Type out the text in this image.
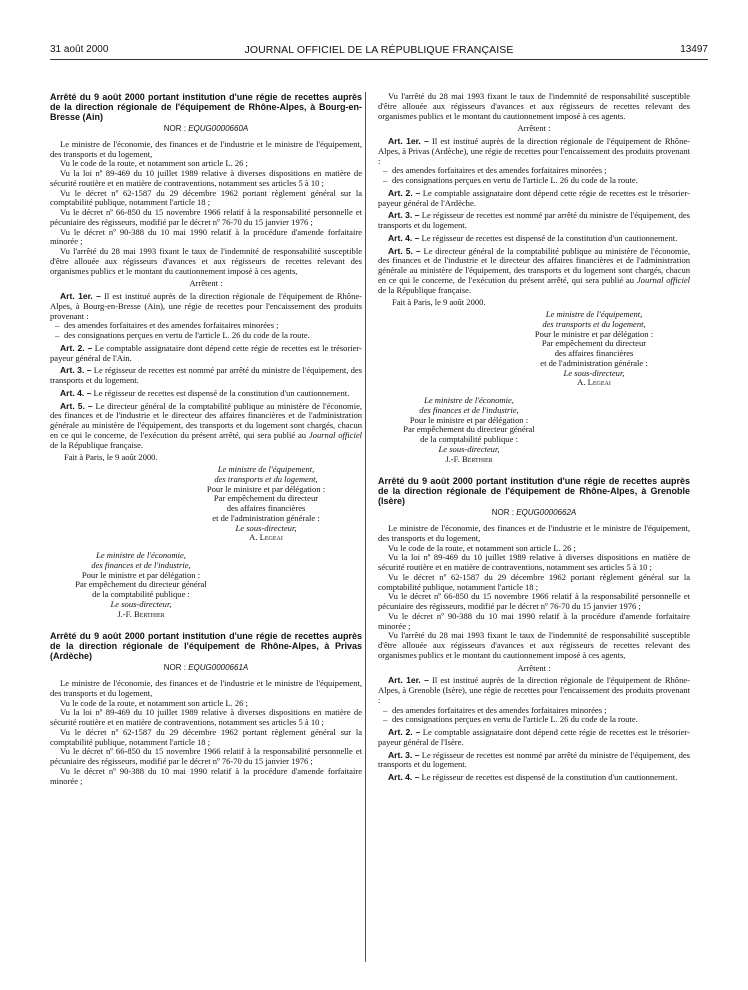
31 août 2000	JOURNAL OFFICIEL DE LA RÉPUBLIQUE FRANÇAISE	13497
Arrêté du 9 août 2000 portant institution d'une régie de recettes auprès de la direction régionale de l'équipement de Rhône-Alpes, à Bourg-en-Bresse (Ain)
NOR : EQUG0000660A

Le ministre de l'économie, des finances et de l'industrie et le ministre de l'équipement, des transports et du logement,

Vu le code de la route, et notamment son article L. 26 ;

Vu la loi nº 89-469 du 10 juillet 1989 relative à diverses dispositions en matière de sécurité routière et en matière de contraventions, notamment ses articles 5 à 10 ;

Vu le décret nº 62-1587 du 29 décembre 1962 portant règlement général sur la comptabilité publique, notamment l'article 18 ;

Vu le décret nº 66-850 du 15 novembre 1966 relatif à la responsabilité personnelle et pécuniaire des régisseurs, modifié par le décret nº 76-70 du 15 janvier 1976 ;

Vu le décret nº 90-388 du 10 mai 1990 relatif à la procédure d'amende forfaitaire minorée ;

Vu l'arrêté du 28 mai 1993 fixant le taux de l'indemnité de responsabilité susceptible d'être allouée aux régisseurs d'avances et aux régisseurs de recettes relevant des organismes publics et le montant du cautionnement imposé à ces agents,

Arrêtent :

Art. 1er. – Il est institué auprès de la direction régionale de l'équipement de Rhône-Alpes, à Bourg-en-Bresse (Ain), une régie de recettes pour l'encaissement des produits provenant :

– des amendes forfaitaires et des amendes forfaitaires minorées ;

– des consignations perçues en vertu de l'article L. 26 du code de la route.

Art. 2. – Le comptable assignataire dont dépend cette régie de recettes est le trésorier-payeur général de l'Ain.

Art. 3. – Le régisseur de recettes est nommé par arrêté du ministre de l'équipement, des transports et du logement.

Art. 4. – Le régisseur de recettes est dispensé de la constitution d'un cautionnement.

Art. 5. – Le directeur général de la comptabilité publique au ministère de l'économie, des finances et de l'industrie et le directeur des affaires financières et de l'administration générale au ministère de l'équipement, des transports et du logement sont chargés, chacun en ce qui le concerne, de l'exécution du présent arrêté, qui sera publié au Journal officiel de la République française.

Fait à Paris, le 9 août 2000.

Le ministre de l'équipement,
des transports et du logement,
Pour le ministre et par délégation :
Par empêchement du directeur
des affaires financières
et de l'administration générale :
Le sous-directeur,
A. Legeai
Le ministre de l'économie,
des finances et de l'industrie,
Pour le ministre et par délégation :
Par empêchement du directeur général
de la comptabilité publique :
Le sous-directeur,
J.-F. Berthier
Arrêté du 9 août 2000 portant institution d'une régie de recettes auprès de la direction régionale de l'équipement de Rhône-Alpes, à Privas (Ardèche)
NOR : EQUG0000661A

Le ministre de l'économie, des finances et de l'industrie et le ministre de l'équipement, des transports et du logement,

Vu le code de la route, et notamment son article L. 26 ;

Vu la loi nº 89-469 du 10 juillet 1989 relative à diverses dispositions en matière de sécurité routière et en matière de contraventions, notamment ses articles 5 à 10 ;

Vu le décret nº 62-1587 du 29 décembre 1962 portant règlement général sur la comptabilité publique, notamment l'article 18 ;

Vu le décret nº 66-850 du 15 novembre 1966 relatif à la responsabilité personnelle et pécuniaire des régisseurs, modifié par le décret nº 76-70 du 15 janvier 1976 ;

Vu le décret nº 90-388 du 10 mai 1990 relatif à la procédure d'amende forfaitaire minorée ;

Vu l'arrêté du 28 mai 1993 fixant le taux de l'indemnité de responsabilité susceptible d'être allouée aux régisseurs d'avances et aux régisseurs de recettes relevant des organismes publics et le montant du cautionnement imposé à ces agents.

Arrêtent :

Art. 1er. – Il est institué auprès de la direction régionale de l'équipement de Rhône-Alpes, à Privas (Ardèche), une régie de recettes pour l'encaissement des produits provenant :

– des amendes forfaitaires et des amendes forfaitaires minorées ;

– des consignations perçues en vertu de l'article L. 26 du code de la route.

Art. 2. – Le comptable assignataire dont dépend cette régie de recettes est le trésorier-payeur général de l'Ardèche.

Art. 3. – Le régisseur de recettes est nommé par arrêté du ministre de l'équipement, des transports et du logement.

Art. 4. – Le régisseur de recettes est dispensé de la constitution d'un cautionnement.

Art. 5. – Le directeur général de la comptabilité publique au ministère de l'économie, des finances et de l'industrie et le directeur des affaires financières et de l'administration générale au ministère de l'équipement, des transports et du logement sont chargés, chacun en ce qui le concerne, de l'exécution du présent arrêté, qui sera publié au Journal officiel de la République française.

Fait à Paris, le 9 août 2000.

Le ministre de l'équipement,
des transports et du logement,
Pour le ministre et par délégation :
Par empêchement du directeur
des affaires financières
et de l'administration générale :
Le sous-directeur,
A. Legeai
Le ministre de l'économie,
des finances et de l'industrie,
Pour le ministre et par délégation :
Par empêchement du directeur général
de la comptabilité publique :
Le sous-directeur,
J.-F. Berthier
Arrêté du 9 août 2000 portant institution d'une régie de recettes auprès de la direction régionale de l'équipement de Rhône-Alpes, à Grenoble (Isère)
NOR : EQUG0000662A

Le ministre de l'économie, des finances et de l'industrie et le ministre de l'équipement, des transports et du logement,

Vu le code de la route, et notamment son article L. 26 ;

Vu la loi nº 89-469 du 10 juillet 1989 relative à diverses dispositions en matière de sécurité routière et en matière de contraventions, notamment ses articles 5 à 10 ;

Vu le décret nº 62-1587 du 29 décembre 1962 portant règlement général sur la comptabilité publique, notamment l'article 18 ;

Vu le décret nº 66-850 du 15 novembre 1966 relatif à la responsabilité personnelle et pécuniaire des régisseurs, modifié par le décret nº 76-70 du 15 janvier 1976 ;

Vu le décret nº 90-388 du 10 mai 1990 relatif à la procédure d'amende forfaitaire minorée ;

Vu l'arrêté du 28 mai 1993 fixant le taux de l'indemnité de responsabilité susceptible d'être allouée aux régisseurs d'avances et aux régisseurs de recettes relevant des organismes publics et le montant du cautionnement imposé à ces agents,

Arrêtent :

Art. 1er. – Il est institué auprès de la direction régionale de l'équipement de Rhône-Alpes, à Grenoble (Isère), une régie de recettes pour l'encaissement des produits provenant :

– des amendes forfaitaires et des amendes forfaitaires minorées ;

– des consignations perçues en vertu de l'article L. 26 du code de la route.

Art. 2. – Le comptable assignataire dont dépend cette régie de recettes est le trésorier-payeur général de l'Isère.

Art. 3. – Le régisseur de recettes est nommé par arrêté du ministre de l'équipement, des transports et du logement.

Art. 4. – Le régisseur de recettes est dispensé de la constitution d'un cautionnement.
